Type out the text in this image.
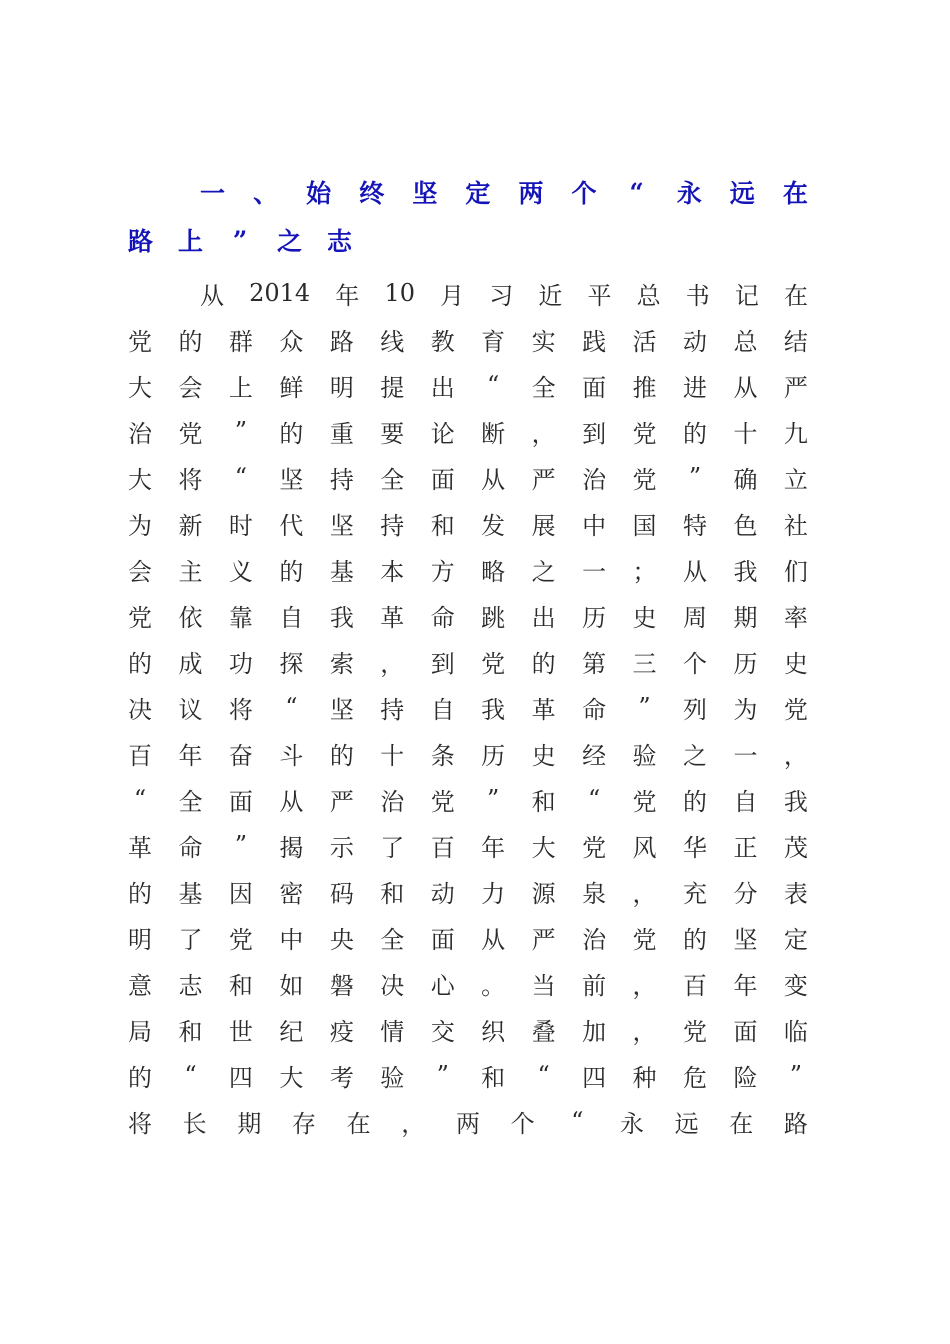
一 、 始 终 坚 定 两 个 “ 永 远 在
路 上 ” 之 志
从 2014 年 10 月 习 近 平 总 书 记 在
党 的 群 众 路 线 教 育 实 践 活 动 总 结
大 会 上 鲜 明 提 出 “ 全 面 推 进 从 严
治 党 ” 的 重 要 论 断 ， 到 党 的 十 九
大 将 “ 坚 持 全 面 从 严 治 党 ” 确 立
为 新 时 代 坚 持 和 发 展 中 国 特 色 社
会 主 义 的 基 本 方 略 之 一 ； 从 我 们
党 依 靠 自 我 革 命 跳 出 历 史 周 期 率
的 成 功 探 索 ， 到 党 的 第 三 个 历 史
决 议 将 “ 坚 持 自 我 革 命 ” 列 为 党
百 年 奋 斗 的 十 条 历 史 经 验 之 一 ，
“ 全 面 从 严 治 党 ” 和 “ 党 的 自 我
革 命 ” 揭 示 了 百 年 大 党 风 华 正 茂
的 基 因 密 码 和 动 力 源 泉 ， 充 分 表
明 了 党 中 央 全 面 从 严 治 党 的 坚 定
意 志 和 如 磐 决 心 。 当 前 ， 百 年 变
局 和 世 纪 疫 情 交 织 叠 加 ， 党 面 临
的 “ 四 大 考 验 ” 和 “ 四 种 危 险 ”
将 长 期 存 在 ， 两 个 “ 永 远 在 路
